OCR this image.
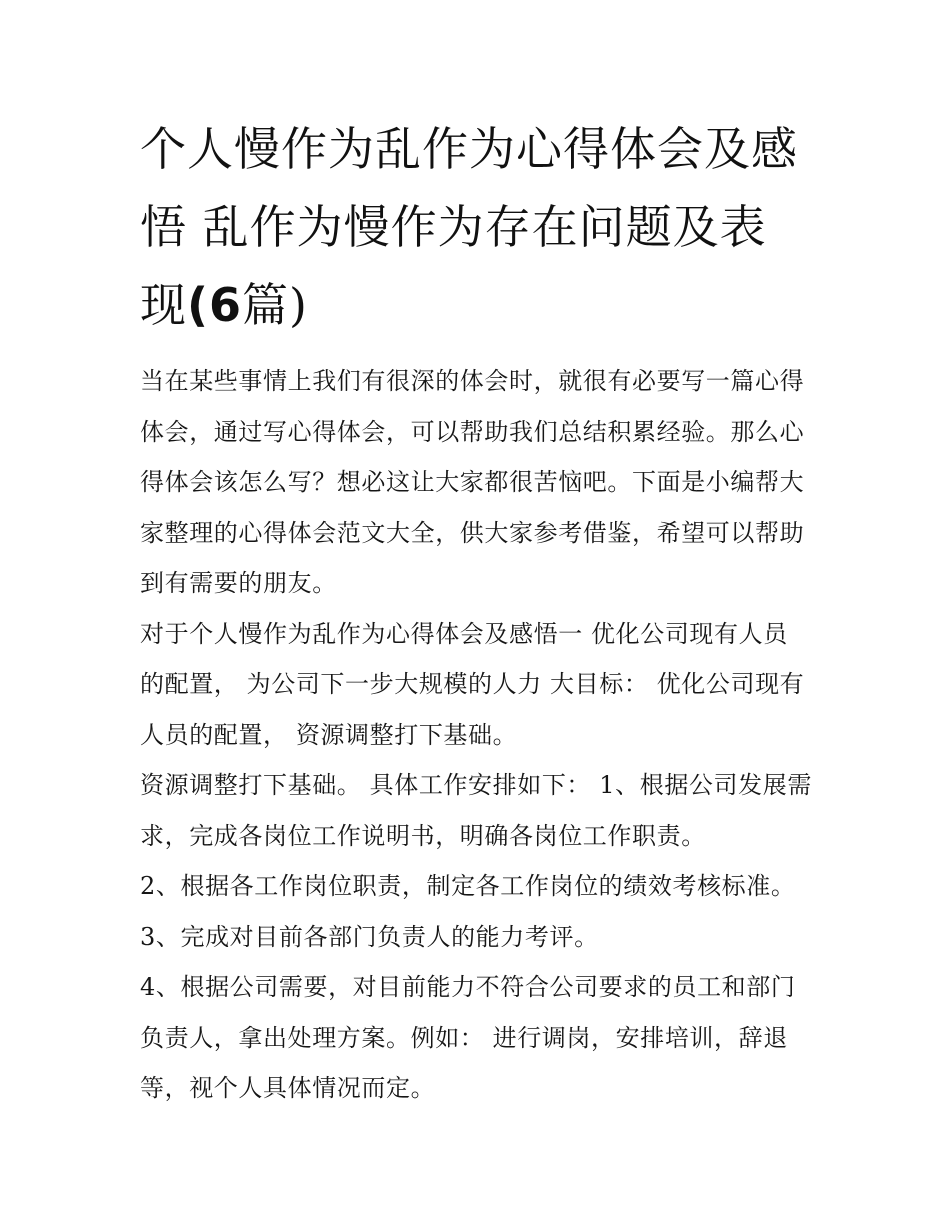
个人慢作为乱作为心得体会及感悟 乱作为慢作为存在问题及表现(6篇)

当在某些事情上我们有很深的体会时，就很有必要写一篇心得体会，通过写心得体会，可以帮助我们总结积累经验。那么心得体会该怎么写？想必这让大家都很苦恼吧。下面是小编帮大家整理的心得体会范文大全，供大家参考借鉴，希望可以帮助到有需要的朋友。

对于个人慢作为乱作为心得体会及感悟一 优化公司现有人员的配置， 为公司下一步大规模的人力 大目标： 优化公司现有人员的配置， 资源调整打下基础。

资源调整打下基础。 具体工作安排如下： 1、根据公司发展需求，完成各岗位工作说明书，明确各岗位工作职责。

2、根据各工作岗位职责，制定各工作岗位的绩效考核标准。

3、完成对目前各部门负责人的能力考评。

4、根据公司需要，对目前能力不符合公司要求的员工和部门负责人，拿出处理方案。例如： 进行调岗，安排培训，辞退等，视个人具体情况而定。
